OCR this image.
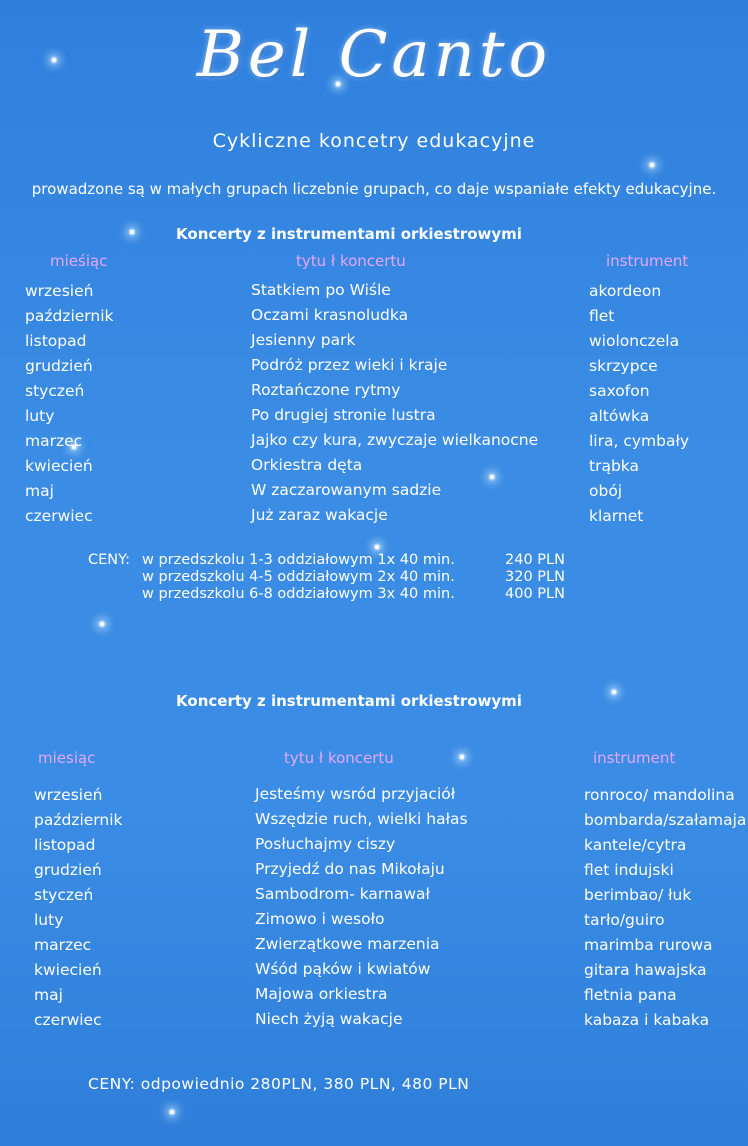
Bel Canto
Cykliczne koncetry edukacyjne
prowadzone są w małych grupach liczebnie grupach, co daje wspaniałe efekty edukacyjne.
Koncerty z instrumentami orkiestrowymi
mieśiąc	tytu ł koncertu	instrument
wrzesień	Statkiem po Wiśle	akordeon
październik	Oczami krasnoludka	flet
listopad	Jesienny park	wiolonczela
grudzień	Podróż przez wieki i kraje	skrzypce
styczeń	Roztańczone rytmy	saxofon
luty	Po drugiej stronie lustra	altówka
marzec	Jajko czy kura, zwyczaje wielkanocne	lira, cymbały
kwiecień	Orkiestra dęta	trąbka
maj	W zaczarowanym sadzie	obój
czerwiec	Już zaraz wakacje	klarnet
CENY: w przedszkolu 1-3 oddziałowym 1x 40 min.	240 PLN
w przedszkolu 4-5 oddziałowym 2x 40 min.	320 PLN
w przedszkolu 6-8 oddziałowym 3x 40 min.	400 PLN
Koncerty z instrumentami orkiestrowymi
miesiąc	tytu ł koncertu	instrument
wrzesień	Jesteśmy wsród przyjaciół	ronroco/ mandolina
październik	Wszędzie ruch, wielki hałas	bombarda/szałamaja
listopad	Posłuchajmy ciszy	kantele/cytra
grudzień	Przyjedź do nas Mikołaju	flet indujski
styczeń	Sambodrom- karnawał	berimbao/ łuk
luty	Zimowo i wesoło	tarło/guiro
marzec	Zwierzątkowe marzenia	marimba rurowa
kwiecień	Wśód pąków i kwiatów	gitara hawajska
maj	Majowa orkiestra	fletnia pana
czerwiec	Niech żyją wakacje	kabaza i kabaka
CENY: odpowiednio 280PLN, 380 PLN, 480 PLN
